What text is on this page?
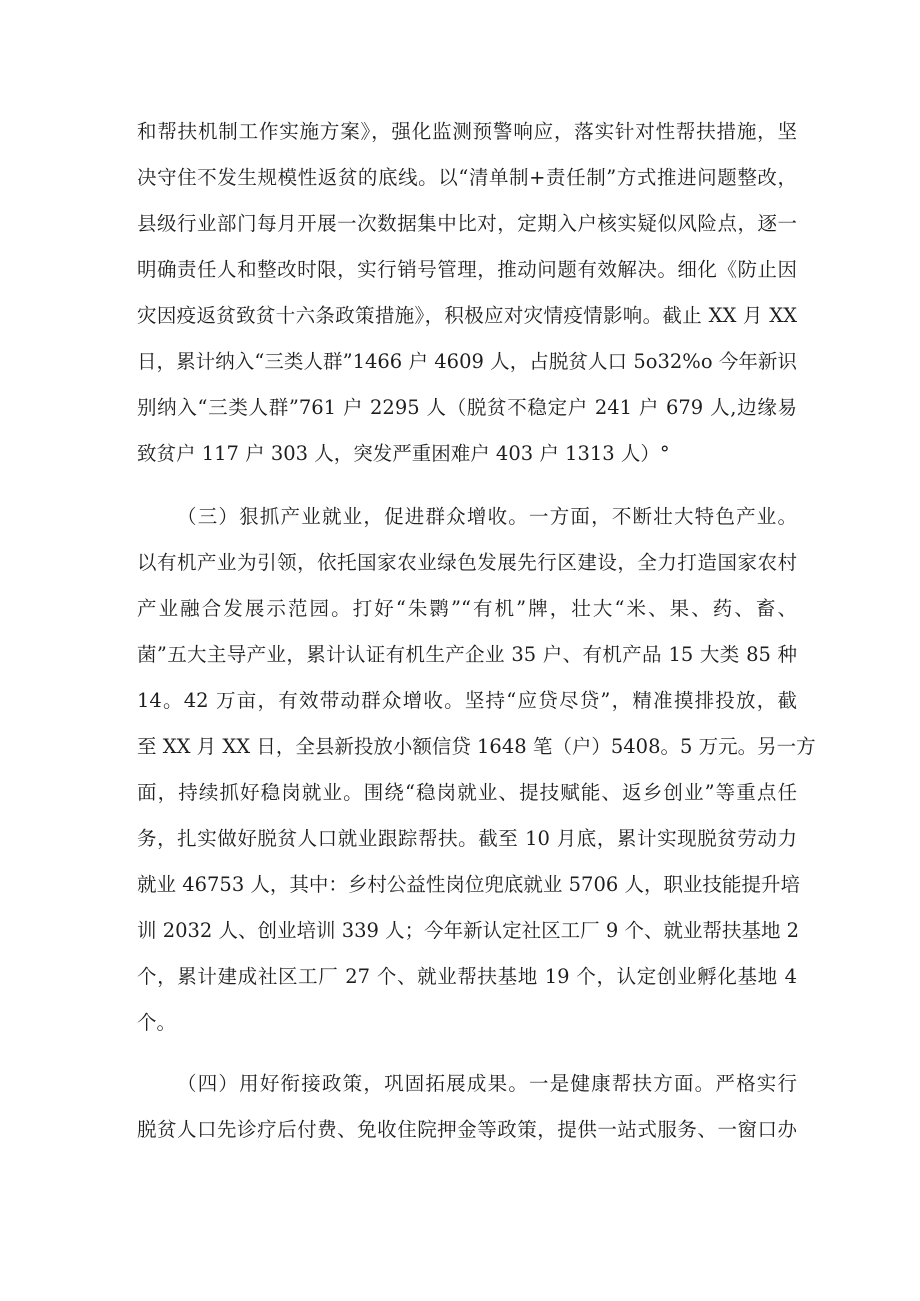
和帮扶机制工作实施方案》，强化监测预警响应，落实针对性帮扶措施，坚
决守住不发生规模性返贫的底线。以“清单制+责任制”方式推进问题整改，
县级行业部门每月开展一次数据集中比对，定期入户核实疑似风险点，逐一
明确责任人和整改时限，实行销号管理，推动问题有效解决。细化《防止因
灾因疫返贫致贫十六条政策措施》，积极应对灾情疫情影响。截止 XX 月 XX
日，累计纳入“三类人群”1466 户 4609 人，占脱贫人口 5o32%o 今年新识
别纳入“三类人群”761 户 2295 人（脱贫不稳定户 241 户 679 人,边缘易
致贫户 117 户 303 人，突发严重困难户 403 户 1313 人）°
（三）狠抓产业就业，促进群众增收。一方面，不断壮大特色产业。
以有机产业为引领，依托国家农业绿色发展先行区建设，全力打造国家农村
产业融合发展示范园。打好“朱鹮”“有机”牌，壮大“米、果、药、畜、
菌”五大主导产业，累计认证有机生产企业 35 户、有机产品 15 大类 85 种
14。42 万亩，有效带动群众增收。坚持“应贷尽贷”，精准摸排投放，截
至 XX 月 XX 日，全县新投放小额信贷 1648 笔（户）5408。5 万元。另一方
面，持续抓好稳岗就业。围绕“稳岗就业、提技赋能、返乡创业”等重点任
务，扎实做好脱贫人口就业跟踪帮扶。截至 10 月底，累计实现脱贫劳动力
就业 46753 人，其中：乡村公益性岗位兜底就业 5706 人，职业技能提升培
训 2032 人、创业培训 339 人；今年新认定社区工厂 9 个、就业帮扶基地 2
个，累计建成社区工厂 27 个、就业帮扶基地 19 个，认定创业孵化基地 4
个。
（四）用好衔接政策，巩固拓展成果。一是健康帮扶方面。严格实行
脱贫人口先诊疗后付费、免收住院押金等政策，提供一站式服务、一窗口办
